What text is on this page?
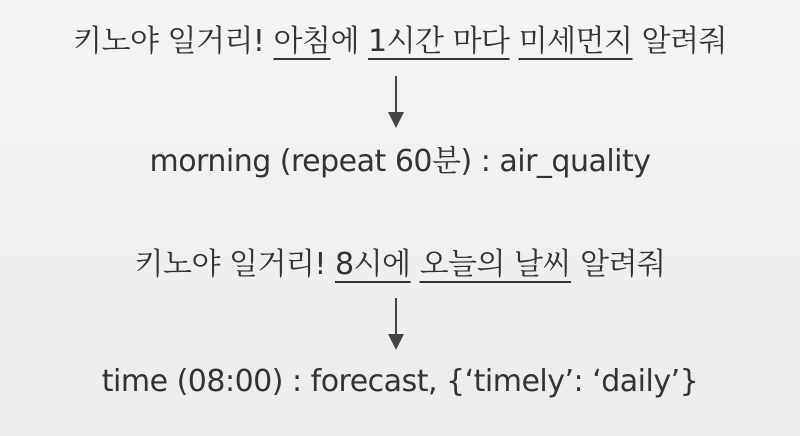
키노야 일거리! 아침에 1시간 마다 미세먼지 알려줘
morning (repeat 60분) : air_quality
키노야 일거리! 8시에 오늘의 날씨 알려줘
time (08:00) : forecast, {‘timely’: ‘daily’}
